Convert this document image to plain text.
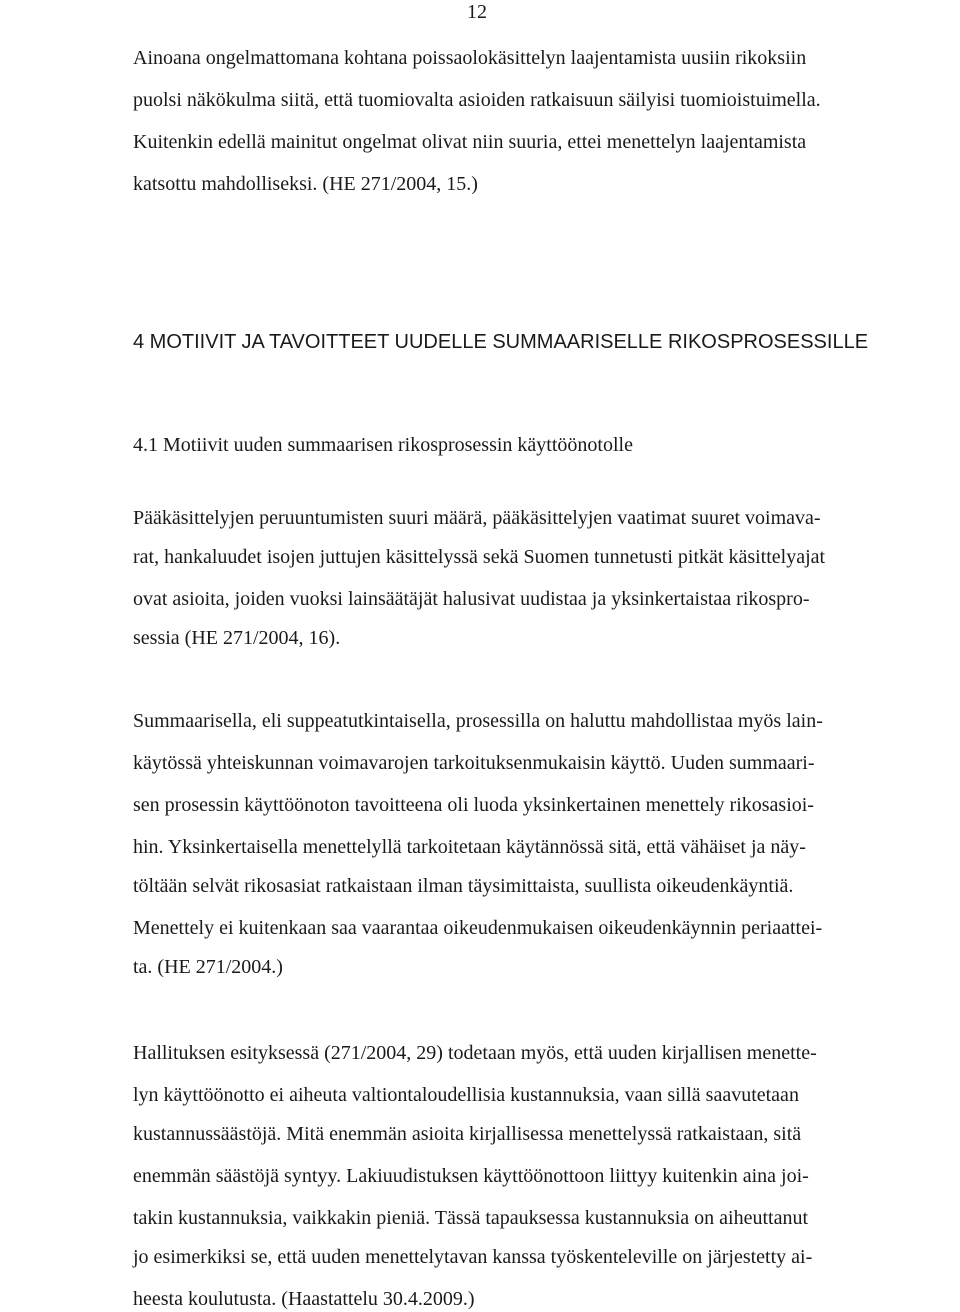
12
Ainoana ongelmattomana kohtana poissaolokäsittelyn laajentamista uusiin rikoksiin
puolsi näkökulma siitä, että tuomiovalta asioiden ratkaisuun säilyisi tuomioistuimella.
Kuitenkin edellä mainitut ongelmat olivat niin suuria, ettei menettelyn laajentamista
katsottu mahdolliseksi. (HE 271/2004, 15.)
4 MOTIIVIT JA TAVOITTEET UUDELLE SUMMAARISELLE RIKOSPROSESSILLE
4.1 Motiivit uuden summaarisen rikosprosessin käyttöönotolle
Pääkäsittelyjen peruuntumisten suuri määrä, pääkäsittelyjen vaatimat suuret voimava-
rat, hankaluudet isojen juttujen käsittelyssä sekä Suomen tunnetusti pitkät käsittelyajat
ovat asioita, joiden vuoksi lainsäätäjät halusivat uudistaa ja yksinkertaistaa rikospro-
sessia (HE 271/2004, 16).
Summaarisella, eli suppeatutkintaisella, prosessilla on haluttu mahdollistaa myös lain-
käytössä yhteiskunnan voimavarojen tarkoituksenmukaisin käyttö. Uuden summaari-
sen prosessin käyttöönoton tavoitteena oli luoda yksinkertainen menettely rikosasioi-
hin. Yksinkertaisella menettelyllä tarkoitetaan käytännössä sitä, että vähäiset ja näy-
töltään selvät rikosasiat ratkaistaan ilman täysimittaista, suullista oikeudenkäyntiä.
Menettely ei kuitenkaan saa vaarantaa oikeudenmukaisen oikeudenkäynnin periaattei-
ta. (HE 271/2004.)
Hallituksen esityksessä (271/2004, 29) todetaan myös, että uuden kirjallisen menette-
lyn käyttöönotto ei aiheuta valtiontaloudellisia kustannuksia, vaan sillä saavutetaan
kustannussäästöjä. Mitä enemmän asioita kirjallisessa menettelyssä ratkaistaan, sitä
enemmän säästöjä syntyy. Lakiuudistuksen käyttöönottoon liittyy kuitenkin aina joi-
takin kustannuksia, vaikkakin pieniä. Tässä tapauksessa kustannuksia on aiheuttanut
jo esimerkiksi se, että uuden menettelytavan kanssa työskenteleville on järjestetty ai-
heesta koulutusta. (Haastattelu 30.4.2009.)
